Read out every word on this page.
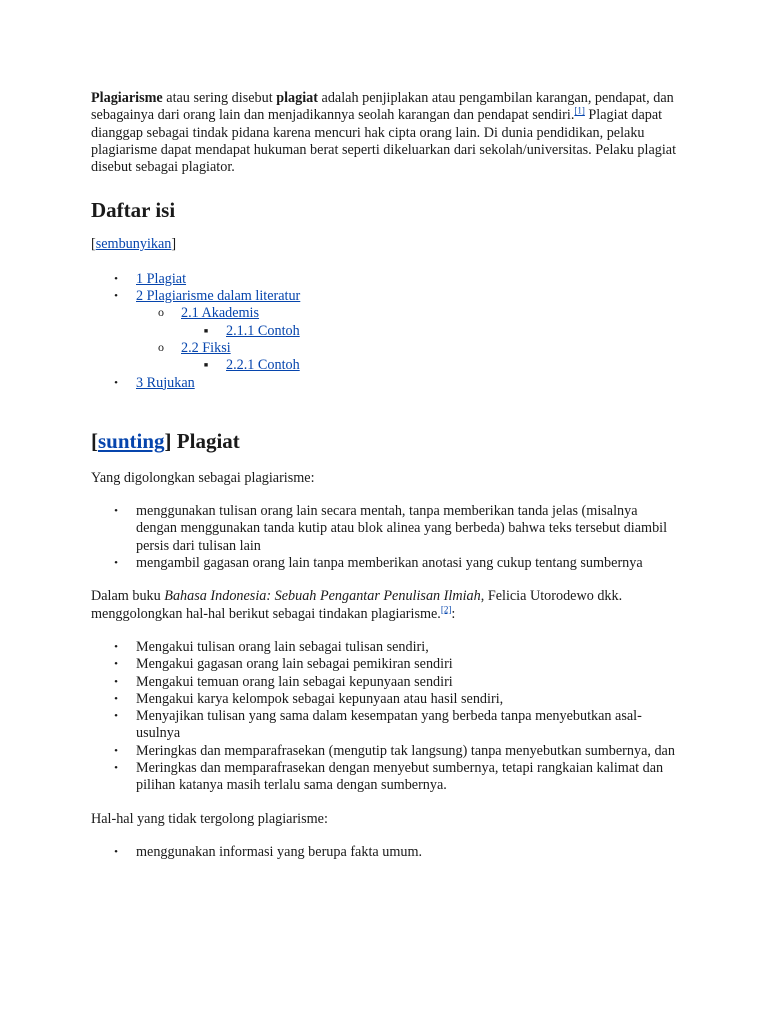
Plagiarisme atau sering disebut plagiat adalah penjiplakan atau pengambilan karangan, pendapat, dan sebagainya dari orang lain dan menjadikannya seolah karangan dan pendapat sendiri.[1] Plagiat dapat dianggap sebagai tindak pidana karena mencuri hak cipta orang lain. Di dunia pendidikan, pelaku plagiarisme dapat mendapat hukuman berat seperti dikeluarkan dari sekolah/universitas. Pelaku plagiat disebut sebagai plagiator.

Daftar isi

[sembunyikan]

• 1 Plagiat
• 2 Plagiarisme dalam literatur
o 2.1 Akademis
■ 2.1.1 Contoh
o 2.2 Fiksi
■ 2.2.1 Contoh
• 3 Rujukan
[sunting] Plagiat

Yang digolongkan sebagai plagiarisme:

• menggunakan tulisan orang lain secara mentah, tanpa memberikan tanda jelas (misalnya dengan menggunakan tanda kutip atau blok alinea yang berbeda) bahwa teks tersebut diambil persis dari tulisan lain
• mengambil gagasan orang lain tanpa memberikan anotasi yang cukup tentang sumbernya

Dalam buku Bahasa Indonesia: Sebuah Pengantar Penulisan Ilmiah, Felicia Utorodewo dkk. menggolongkan hal-hal berikut sebagai tindakan plagiarisme.[2]:

• Mengakui tulisan orang lain sebagai tulisan sendiri,
• Mengakui gagasan orang lain sebagai pemikiran sendiri
• Mengakui temuan orang lain sebagai kepunyaan sendiri
• Mengakui karya kelompok sebagai kepunyaan atau hasil sendiri,
• Menyajikan tulisan yang sama dalam kesempatan yang berbeda tanpa menyebutkan asal-usulnya
• Meringkas dan memparafrasekan (mengutip tak langsung) tanpa menyebutkan sumbernya, dan
• Meringkas dan memparafrasekan dengan menyebut sumbernya, tetapi rangkaian kalimat dan pilihan katanya masih terlalu sama dengan sumbernya.

Hal-hal yang tidak tergolong plagiarisme:

• menggunakan informasi yang berupa fakta umum.
